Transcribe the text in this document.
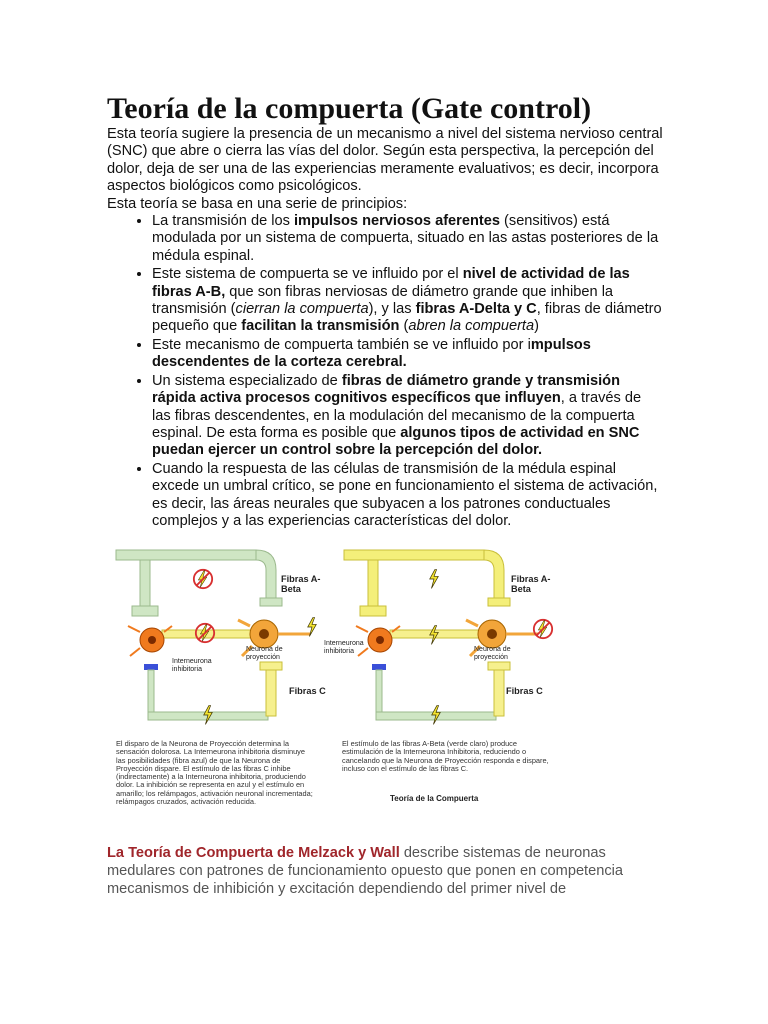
Teoría de la compuerta (Gate control)

Esta teoría sugiere la presencia de un mecanismo a nivel del sistema nervioso central (SNC) que abre o cierra las vías del dolor. Según esta perspectiva, la percepción del dolor, deja de ser una de las experiencias meramente evaluativos; es decir, incorpora aspectos biológicos como psicológicos.

Esta teoría se basa en una serie de principios:

• La transmisión de los impulsos nerviosos aferentes (sensitivos) está modulada por un sistema de compuerta, situado en las astas posteriores de la médula espinal.
• Este sistema de compuerta se ve influido por el nivel de actividad de las fibras A-B, que son fibras nerviosas de diámetro grande que inhiben la transmisión (cierran la compuerta), y las fibras A-Delta y C, fibras de diámetro pequeño que facilitan la transmisión (abren la compuerta)
• Este mecanismo de compuerta también se ve influido por impulsos descendentes de la corteza cerebral.
• Un sistema especializado de fibras de diámetro grande y transmisión rápida activa procesos cognitivos específicos que influyen, a través de las fibras descendentes, en la modulación del mecanismo de la compuerta espinal. De esta forma es posible que algunos tipos de actividad en SNC puedan ejercer un control sobre la percepción del dolor.
• Cuando la respuesta de las células de transmisión de la médula espinal excede un umbral crítico, se pone en funcionamiento el sistema de activación, es decir, las áreas neurales que subyacen a los patrones conductuales complejos y a las experiencias características del dolor.

Fibras A-Beta

Fibras A-Beta

Fibras C	Fibras C

Interneurona inhibitoria

Interneurona inhibitoria

Neurona de proyección

Neurona de proyección

El disparo de la Neurona de Proyección determina la sensación dolorosa. La Interneurona inhibitoria disminuye las posibilidades (fibra azul) de que la Neurona de Proyección dispare. El estímulo de las fibras C inhibe (indirectamente) a la Interneurona inhibitoria, produciendo dolor. La inhibición se representa en azul y el estímulo en amarillo; los relámpagos, activación neuronal incrementada; relámpagos cruzados, activación reducida.

El estímulo de las fibras A-Beta (verde claro) produce estimulación de la Interneurona Inhibitoria, reduciendo o cancelando que la Neurona de Proyección responda e dispare, incluso con el estímulo de las fibras C.

Teoría de la Compuerta

La Teoría de Compuerta de Melzack y Wall describe sistemas de neuronas medulares con patrones de funcionamiento opuesto que ponen en competencia mecanismos de inhibición y excitación dependiendo del primer nivel de
